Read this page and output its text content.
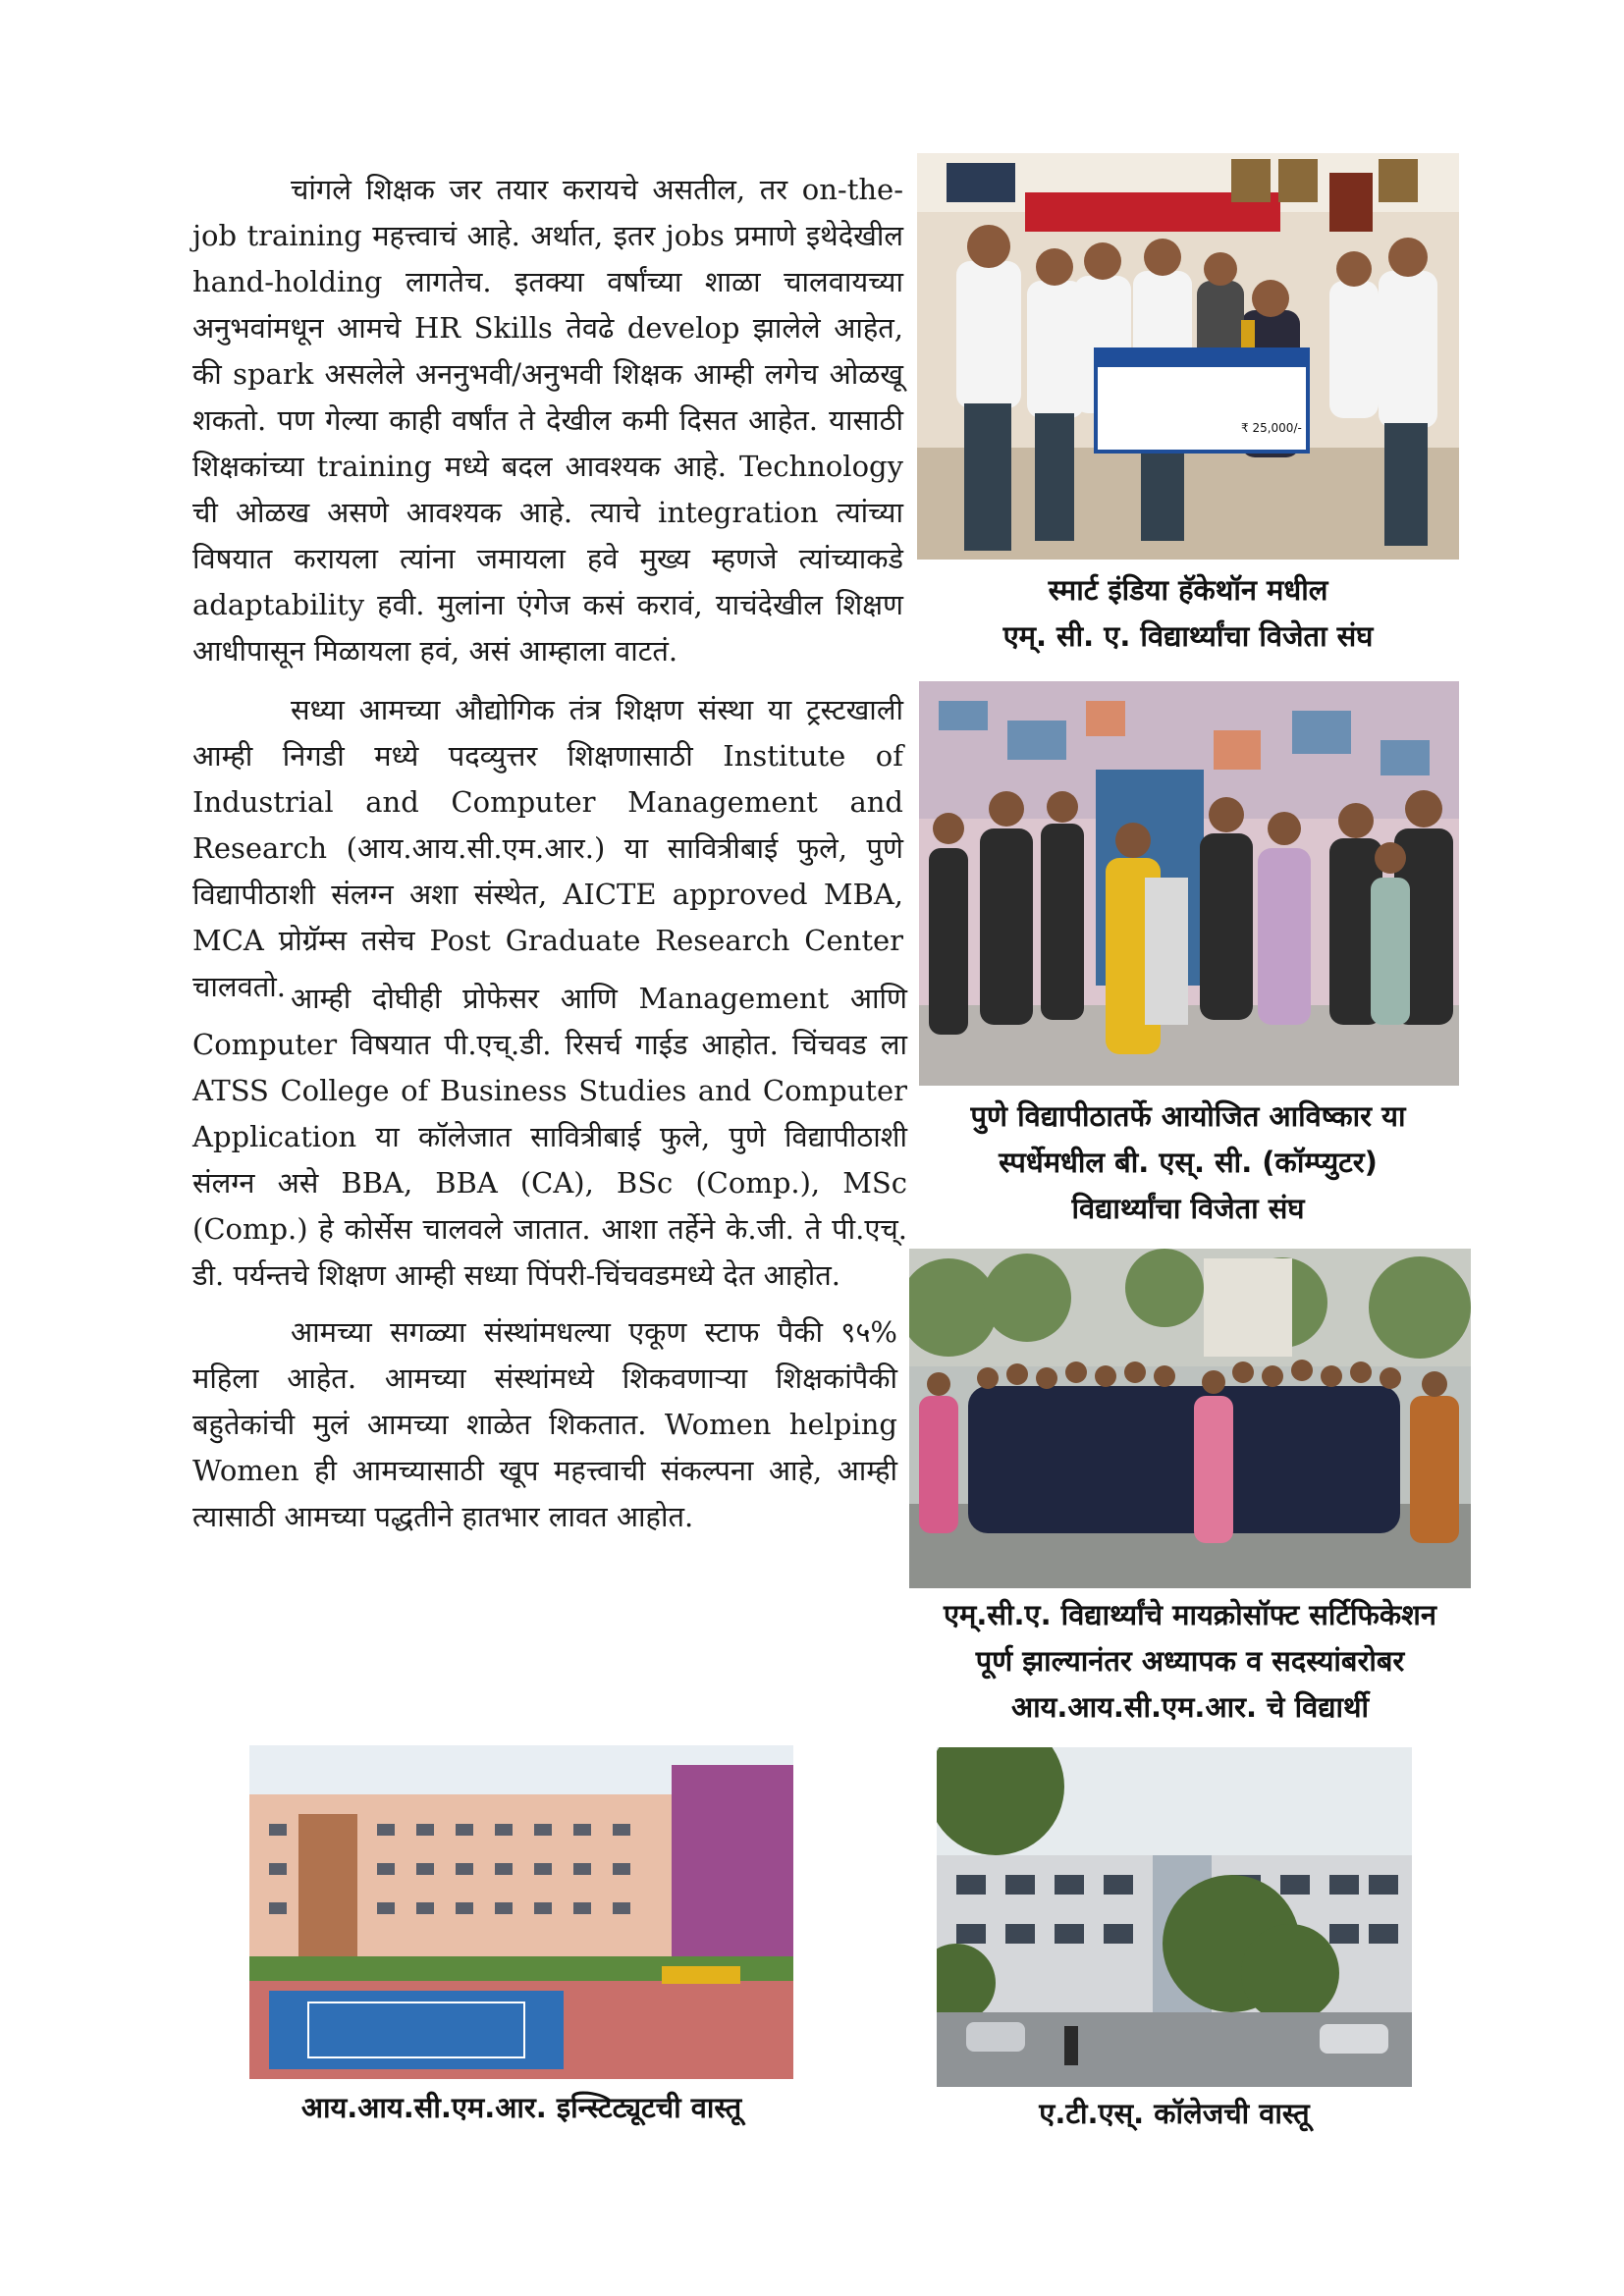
चांगले शिक्षक जर तयार करायचे असतील, तर on-the-job training महत्त्वाचं आहे. अर्थात, इतर jobs प्रमाणे इथेदेखील hand-holding लागतेच. इतक्या वर्षांच्या शाळा चालवायच्या अनुभवांमधून आमचे HR Skills तेवढे develop झालेले आहेत, की spark असलेले अननुभवी/अनुभवी शिक्षक आम्ही लगेच ओळखू शकतो. पण गेल्या काही वर्षांत ते देखील कमी दिसत आहेत. यासाठी शिक्षकांच्या training मध्ये बदल आवश्यक आहे. Technology ची ओळख असणे आवश्यक आहे. त्याचे integration त्यांच्या विषयात करायला त्यांना जमायला हवे मुख्य म्हणजे त्यांच्याकडे adaptability हवी. मुलांना एंगेज कसं करावं, याचंदेखील शिक्षण आधीपासून मिळायला हवं, असं आम्हाला वाटतं.

सध्या आमच्या औद्योगिक तंत्र शिक्षण संस्था या ट्रस्टखाली आम्ही निगडी मध्ये पदव्युत्तर शिक्षणासाठी Institute of Industrial and Computer Management and Research (आय.आय.सी.एम.आर.) या सावित्रीबाई फुले, पुणे विद्यापीठाशी संलग्न अशा संस्थेत, AICTE approved MBA, MCA प्रोग्रॅम्स तसेच Post Graduate Research Center चालवतो. आम्ही दोघीही प्रोफेसर आणि Management आणि Computer विषयात पी.एच्.डी. रिसर्च गाईड आहोत. चिंचवड ला ATSS College of Business Studies and Computer Application या कॉलेजात सावित्रीबाई फुले, पुणे विद्यापीठाशी संलग्न असे BBA, BBA (CA), BSc (Comp.), MSc (Comp.) हे कोर्सेस चालवले जातात. आशा तर्हेने के.जी. ते पी.एच्. डी. पर्यन्तचे शिक्षण आम्ही सध्या पिंपरी-चिंचवडमध्ये देत आहोत.

आमच्या सगळ्या संस्थांमधल्या एकूण स्टाफ पैकी ९५% महिला आहेत. आमच्या संस्थांमध्ये शिकवणाऱ्या शिक्षकांपैकी बहुतेकांची मुलं आमच्या शाळेत शिकतात. Women helping Women ही आमच्यासाठी खूप महत्त्वाची संकल्पना आहे, आम्ही त्यासाठी आमच्या पद्धतीने हातभार लावत आहोत.

₹ 25,000/-

स्मार्ट इंडिया हॅकेथॉन मधील
एम्. सी. ए. विद्यार्थ्यांचा विजेता संघ

पुणे विद्यापीठातर्फे आयोजित आविष्कार या
स्पर्धेमधील बी. एस्. सी. (कॉम्प्युटर)
विद्यार्थ्यांचा विजेता संघ

एम्.सी.ए. विद्यार्थ्यांचे मायक्रोसॉफ्ट सर्टिफिकेशन
पूर्ण झाल्यानंतर अध्यापक व सदस्यांबरोबर
आय.आय.सी.एम.आर. चे विद्यार्थी

आय.आय.सी.एम.आर. इन्स्टिट्यूटची वास्तू	ए.टी.एस्. कॉलेजची वास्तू
